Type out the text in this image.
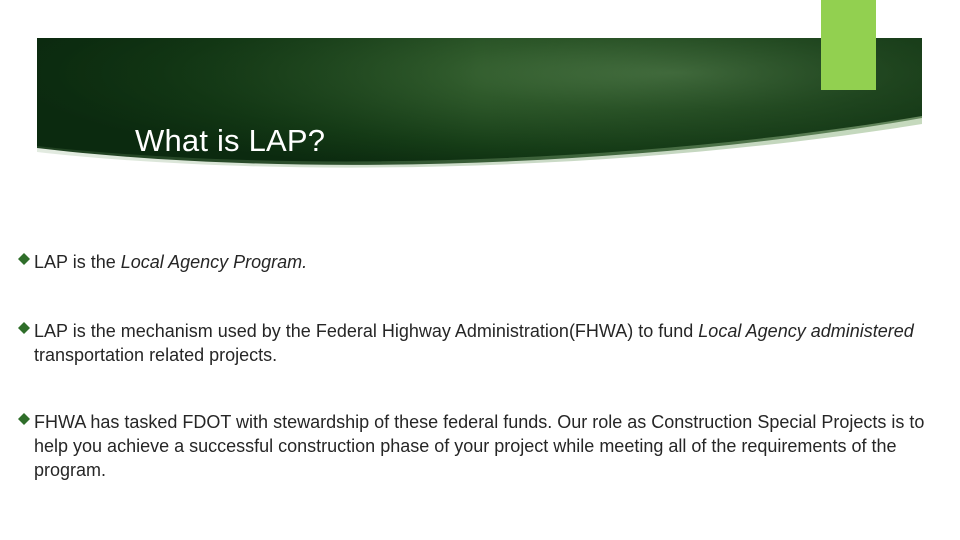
What is LAP?
LAP is the Local Agency Program.
LAP is the mechanism used by the Federal Highway Administration(FHWA) to fund Local Agency administered transportation related projects.
FHWA has tasked FDOT with stewardship of these federal funds. Our role as Construction Special Projects is to help you achieve a successful construction phase of your project while meeting all of the requirements of the program.
